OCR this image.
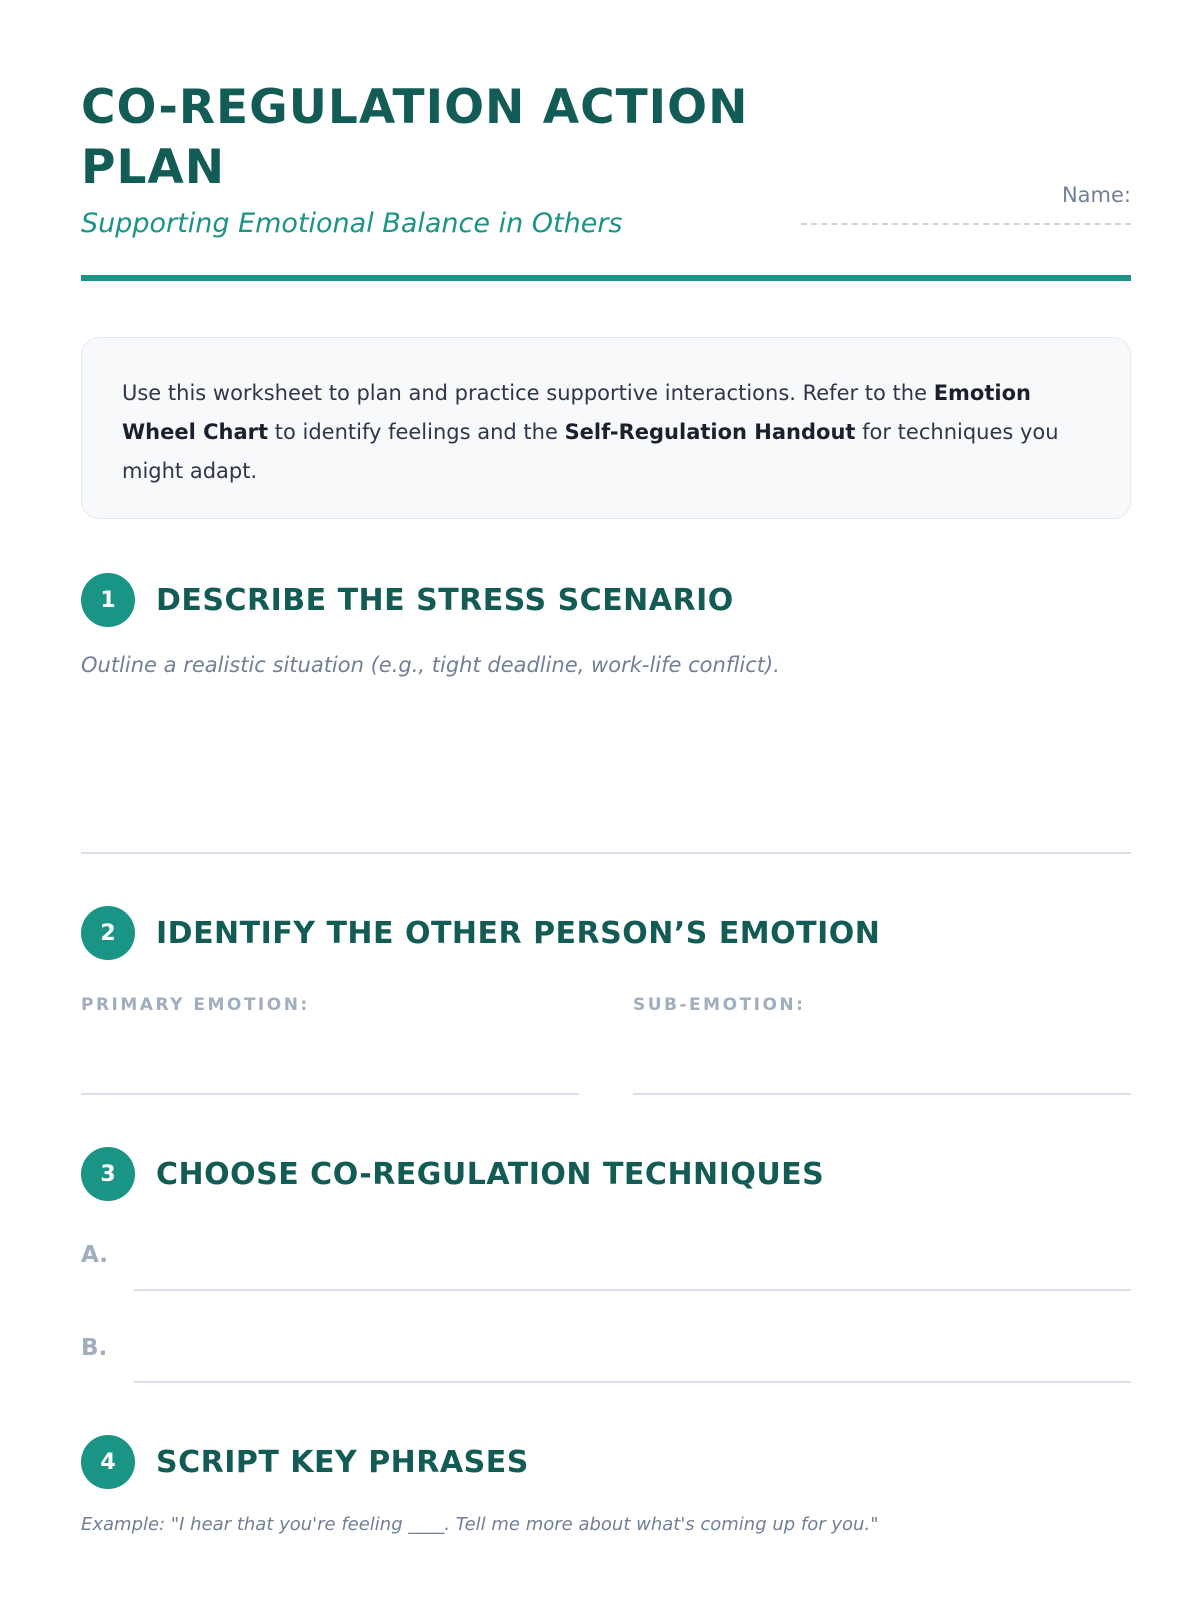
CO-REGULATION ACTION PLAN

Supporting Emotional Balance in Others

Name:
Use this worksheet to plan and practice supportive interactions. Refer to the Emotion Wheel Chart to identify feelings and the Self-Regulation Handout for techniques you might adapt.
1	DESCRIBE THE STRESS SCENARIO
Outline a realistic situation (e.g., tight deadline, work-life conflict).
2	IDENTIFY THE OTHER PERSON’S EMOTION
PRIMARY EMOTION:	SUB-EMOTION:
3	CHOOSE CO-REGULATION TECHNIQUES
A.
B.
4	SCRIPT KEY PHRASES
Example: "I hear that you're feeling ____. Tell me more about what's coming up for you."
